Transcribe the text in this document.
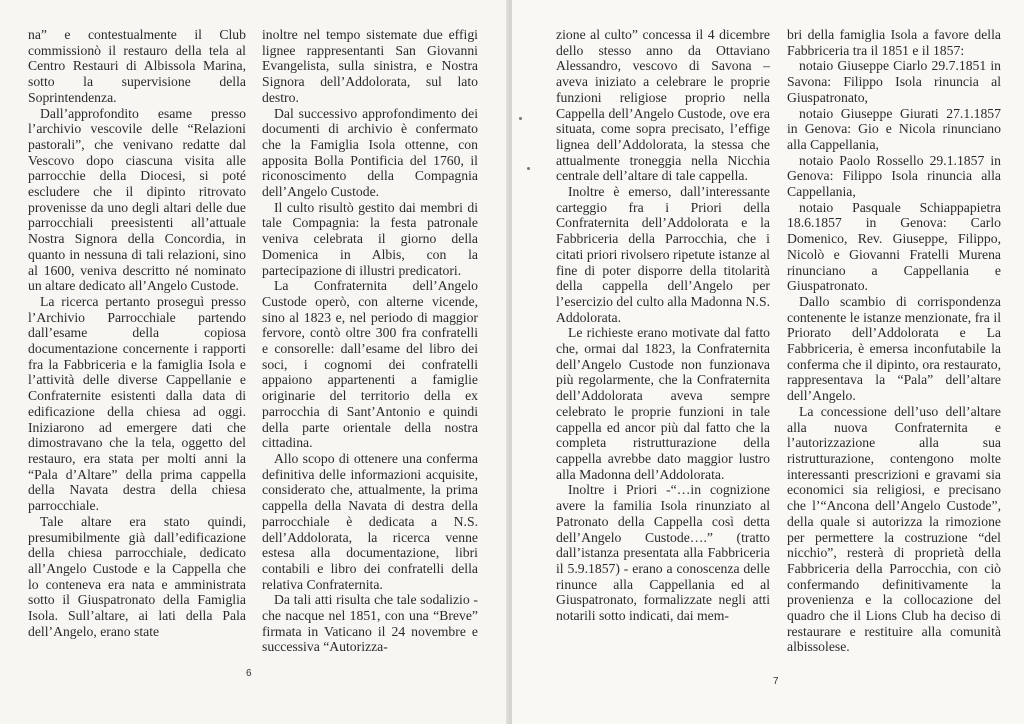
na” e contestualmente il Club commissionò il restauro della tela al Centro Restauri di Albissola Marina, sotto la supervisione della Soprintendenza.

Dall’approfondito esame presso l’archivio vescovile delle “Relazioni pastorali”, che venivano redatte dal Vescovo dopo ciascuna visita alle parrocchie della Diocesi, si poté escludere che il dipinto ritrovato provenisse da uno degli altari delle due parrocchiali preesistenti all’attuale Nostra Signora della Concordia, in quanto in nessuna di tali relazioni, sino al 1600, veniva descritto né nominato un altare dedicato all’Angelo Custode.

La ricerca pertanto proseguì presso l’Archivio Parrocchiale partendo dall’esame della copiosa documentazione concernente i rapporti fra la Fabbriceria e la famiglia Isola e l’attività delle diverse Cappellanie e Confraternite esistenti dalla data di edificazione della chiesa ad oggi. Iniziarono ad emergere dati che dimostravano che la tela, oggetto del restauro, era stata per molti anni la “Pala d’Altare” della prima cappella della Navata destra della chiesa parrocchiale.

Tale altare era stato quindi, presumibilmente già dall’edificazione della chiesa parrocchiale, dedicato all’Angelo Custode e la Cappella che lo conteneva era nata e amministrata sotto il Giuspatronato della Famiglia Isola. Sull’altare, ai lati della Pala dell’Angelo, erano state

inoltre nel tempo sistemate due effigi lignee rappresentanti San Giovanni Evangelista, sulla sinistra, e Nostra Signora dell’Addolorata, sul lato destro.

Dal successivo approfondimento dei documenti di archivio è confermato che la Famiglia Isola ottenne, con apposita Bolla Pontificia del 1760, il riconoscimento della Compagnia dell’Angelo Custode.

Il culto risultò gestito dai membri di tale Compagnia: la festa patronale veniva celebrata il giorno della Domenica in Albis, con la partecipazione di illustri predicatori.

La Confraternita dell’Angelo Custode operò, con alterne vicende, sino al 1823 e, nel periodo di maggior fervore, contò oltre 300 fra confratelli e consorelle: dall’esame del libro dei soci, i cognomi dei confratelli appaiono appartenenti a famiglie originarie del territorio della ex parrocchia di Sant’Antonio e quindi della parte orientale della nostra cittadina.

Allo scopo di ottenere una conferma definitiva delle informazioni acquisite, considerato che, attualmente, la prima cappella della Navata di destra della parrocchiale è dedicata a N.S. dell’Addolorata, la ricerca venne estesa alla documentazione, libri contabili e libro dei confratelli della relativa Confraternita.

Da tali atti risulta che tale sodalizio - che nacque nel 1851, con una “Breve” firmata in Vaticano il 24 novembre e successiva “Autorizza-

6

zione al culto” concessa il 4 dicembre dello stesso anno da Ottaviano Alessandro, vescovo di Savona – aveva iniziato a celebrare le proprie funzioni religiose proprio nella Cappella dell’Angelo Custode, ove era situata, come sopra precisato, l’effige lignea dell’Addolorata, la stessa che attualmente troneggia nella Nicchia centrale dell’altare di tale cappella.

Inoltre è emerso, dall’interessante carteggio fra i Priori della Confraternita dell’Addolorata e la Fabbriceria della Parrocchia, che i citati priori rivolsero ripetute istanze al fine di poter disporre della titolarità della cappella dell’Angelo per l’esercizio del culto alla Madonna N.S. Addolorata.

Le richieste erano motivate dal fatto che, ormai dal 1823, la Confraternita dell’Angelo Custode non funzionava più regolarmente, che la Confraternita dell’Addolorata aveva sempre celebrato le proprie funzioni in tale cappella ed ancor più dal fatto che la completa ristrutturazione della cappella avrebbe dato maggior lustro alla Madonna dell’Addolorata.

Inoltre i Priori -“…in cognizione avere la familia Isola rinunziato al Patronato della Cappella così detta dell’Angelo Custode….” (tratto dall’istanza presentata alla Fabbriceria il 5.9.1857) - erano a conoscenza delle rinunce alla Cappellania ed al Giuspatronato, formalizzate negli atti notarili sotto indicati, dai mem-

bri della famiglia Isola a favore della Fabbriceria tra il 1851 e il 1857:

notaio Giuseppe Ciarlo 29.7.1851 in Savona: Filippo Isola rinuncia al Giuspatronato,

notaio Giuseppe Giurati 27.1.1857 in Genova: Gio e Nicola rinunciano alla Cappellania,

notaio Paolo Rossello 29.1.1857 in Genova: Filippo Isola rinuncia alla Cappellania,

notaio Pasquale Schiappapietra 18.6.1857 in Genova: Carlo Domenico, Rev. Giuseppe, Filippo, Nicolò e Giovanni Fratelli Murena rinunciano a Cappellania e Giuspatronato.

Dallo scambio di corrispondenza contenente le istanze menzionate, fra il Priorato dell’Addolorata e La Fabbriceria, è emersa inconfutabile la conferma che il dipinto, ora restaurato, rappresentava la “Pala” dell’altare dell’Angelo.

La concessione dell’uso dell’altare alla nuova Confraternita e l’autorizzazione alla sua ristrutturazione, contengono molte interessanti prescrizioni e gravami sia economici sia religiosi, e precisano che l’“Ancona dell’Angelo Custode”, della quale si autorizza la rimozione per permettere la costruzione “del nicchio”, resterà di proprietà della Fabbriceria della Parrocchia, con ciò confermando definitivamente la provenienza e la collocazione del quadro che il Lions Club ha deciso di restaurare e restituire alla comunità albissolese.

7
